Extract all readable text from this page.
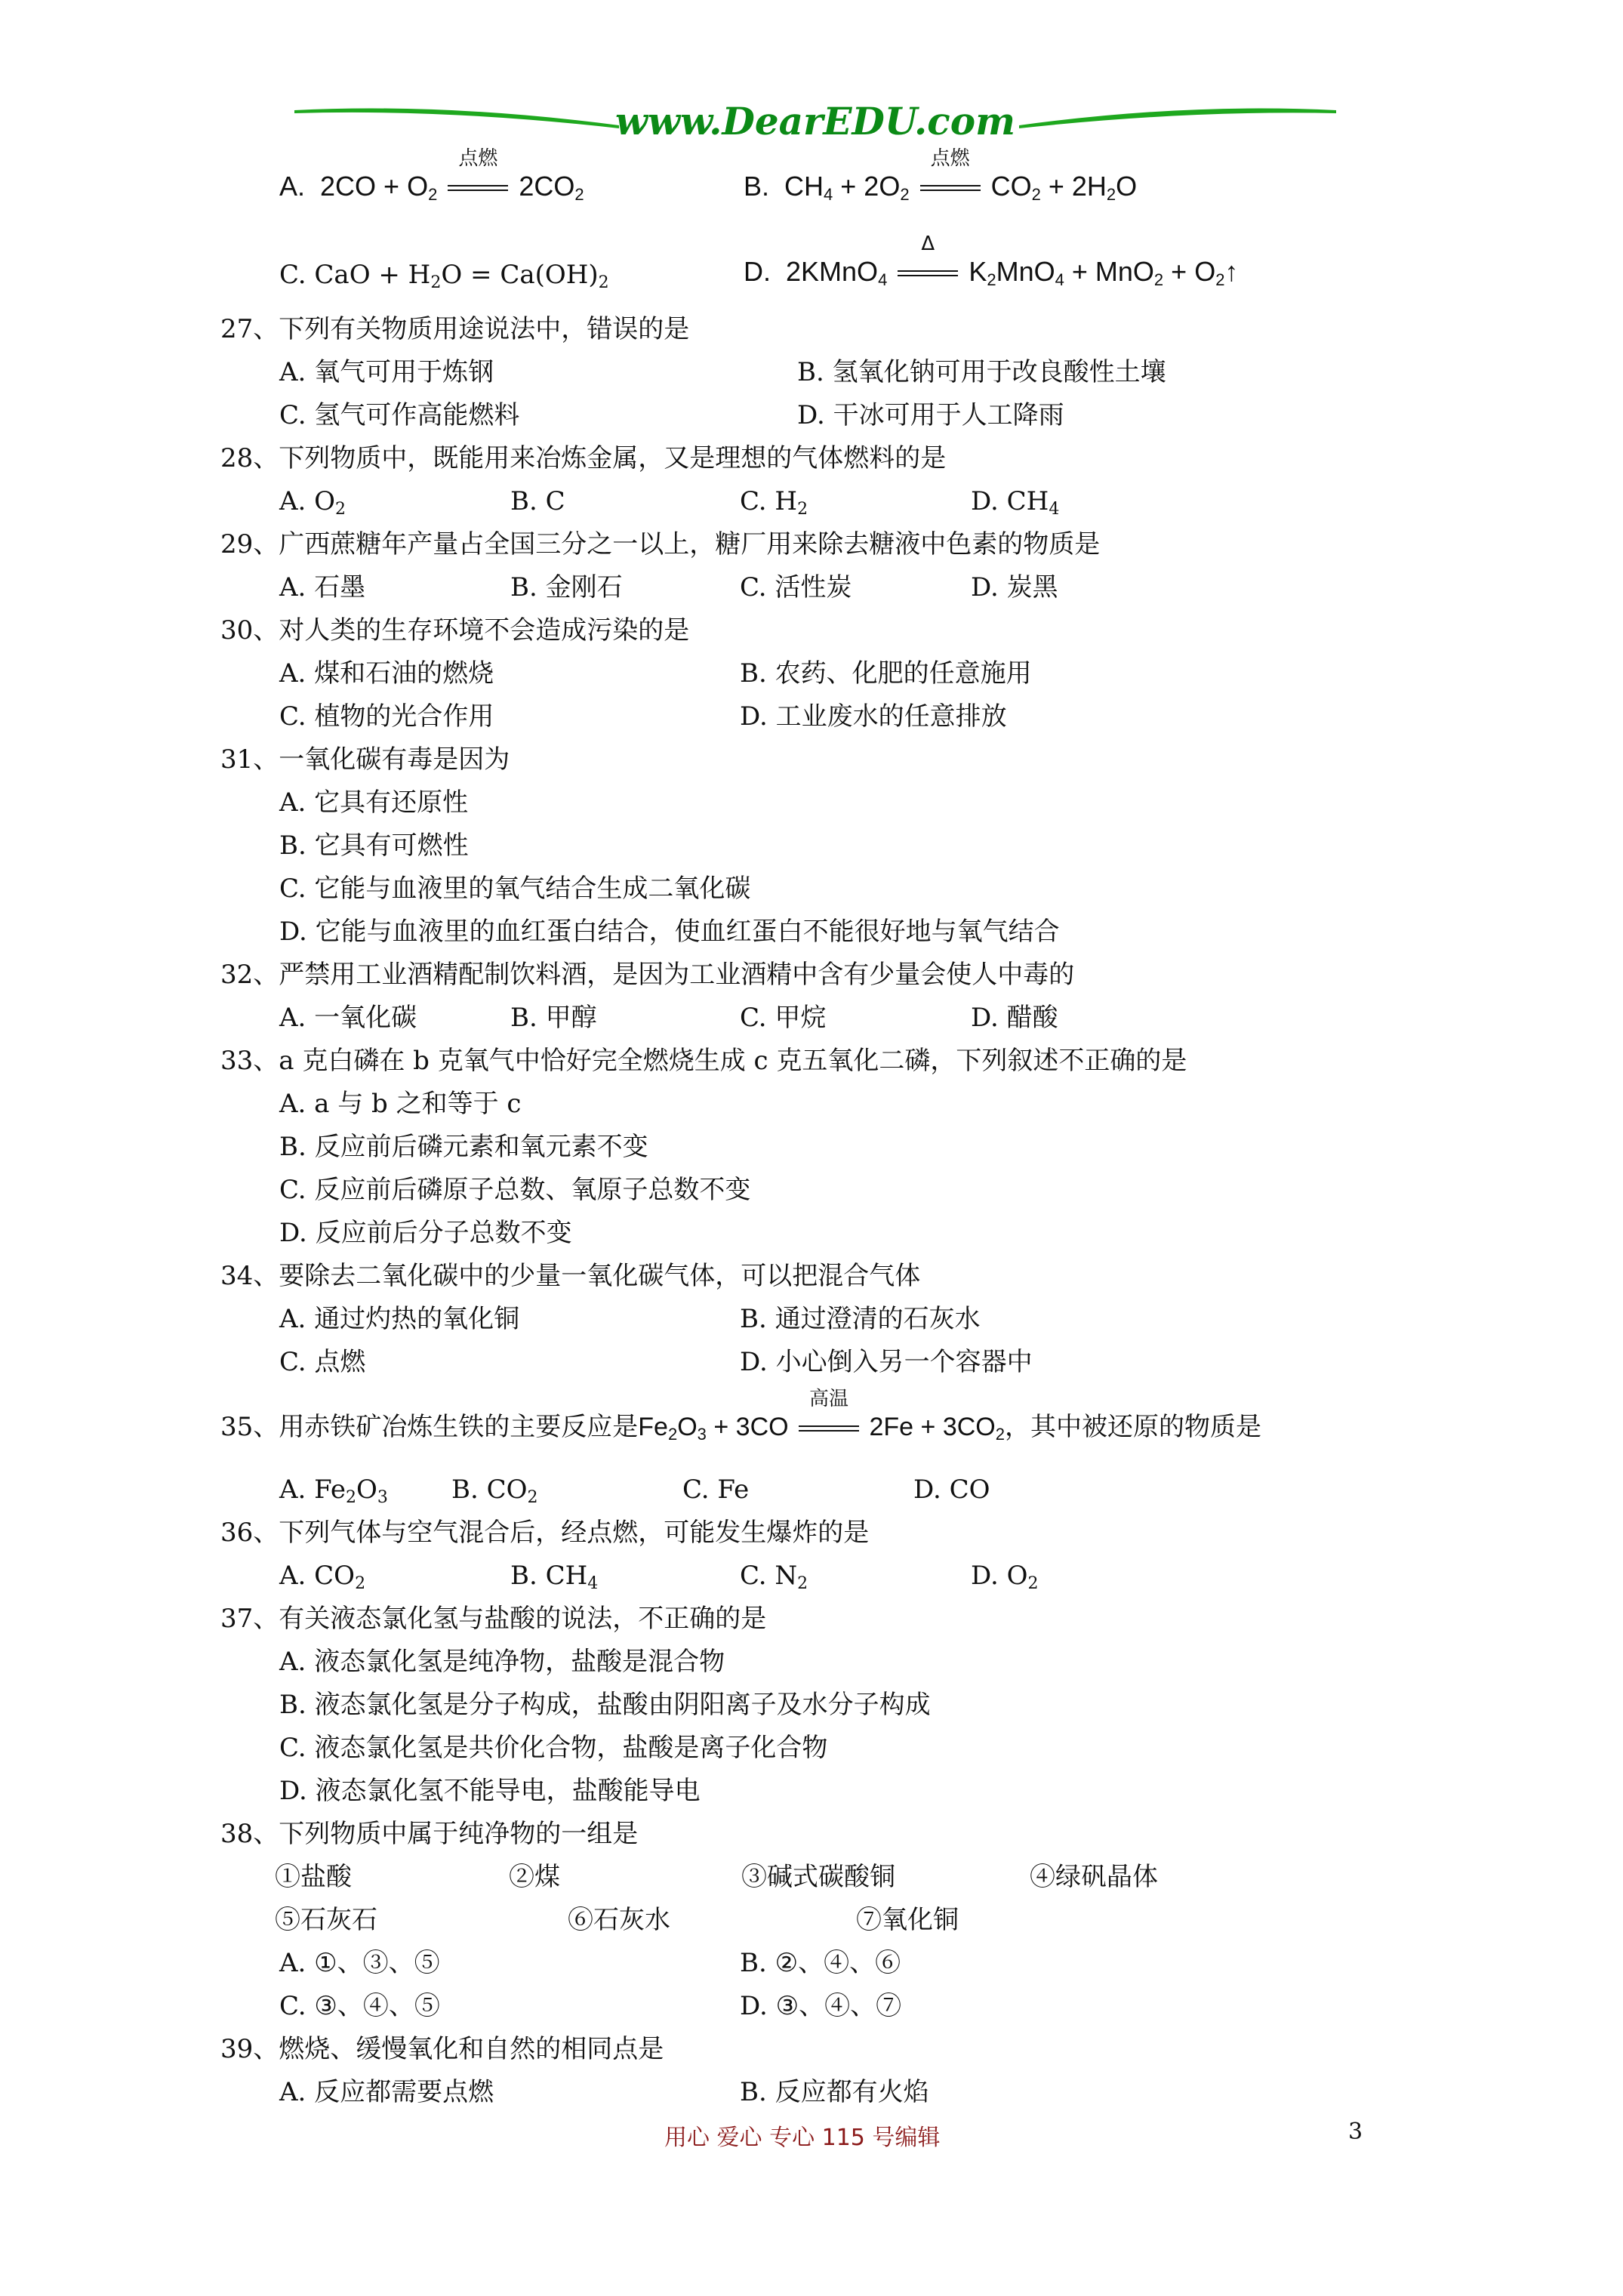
www.DearEDU.com
A. $2CO + O_2$
点燃
$2CO_2$	B. $CH_4 + 2O_2$
点燃
$CO_2 + 2H_2O$
C. CaO + $H_2O = Ca(OH)_2$	D. 2KMnO$_4$
Δ
$K_2MnO_4 + MnO_2$ + $O_2↑$
27、下列有关物质用途说法中，错误的是
A. 氧气可用于炼钢	B. 氢氧化钠可用于改良酸性土壤
C. 氢气可作高能燃料	D. 干冰可用于人工降雨
28、下列物质中，既能用来冶炼金属，又是理想的气体燃料的是
A. $O_2$	B. C	C. $H_2$	D. $CH_4$
29、广西蔗糖年产量占全国三分之一以上，糖厂用来除去糖液中色素的物质是
A. 石墨	B. 金刚石	C. 活性炭	D. 炭黑
30、对人类的生存环境不会造成污染的是
A. 煤和石油的燃烧	B. 农药、化肥的任意施用
C. 植物的光合作用	D. 工业废水的任意排放
31、一氧化碳有毒是因为
A. 它具有还原性
B. 它具有可燃性
C. 它能与血液里的氧气结合生成二氧化碳
D. 它能与血液里的血红蛋白结合，使血红蛋白不能很好地与氧气结合
32、严禁用工业酒精配制饮料酒，是因为工业酒精中含有少量会使人中毒的
A. 一氧化碳	B. 甲醇	C. 甲烷	D. 醋酸
33、a 克白磷在 b 克氧气中恰好完全燃烧生成 c 克五氧化二磷，下列叙述不正确的是
A. a 与 b 之和等于 c
B. 反应前后磷元素和氧元素不变
C. 反应前后磷原子总数、氧原子总数不变
D. 反应前后分子总数不变
34、要除去二氧化碳中的少量一氧化碳气体，可以把混合气体
A. 通过灼热的氧化铜	B. 通过澄清的石灰水
C. 点燃	D. 小心倒入另一个容器中
35、用赤铁矿冶炼生铁的主要反应是$Fe_2O_3 + 3CO$
高温
$2Fe + 3CO_2$，其中被还原的物质是
A. $Fe_2O_3$ B. $CO_2$	C. Fe	D. CO
36、下列气体与空气混合后，经点燃，可能发生爆炸的是
A. $CO_2$	B. $CH_4$	C. $N_2$	D. $O_2$
37、有关液态氯化氢与盐酸的说法，不正确的是
A. 液态氯化氢是纯净物，盐酸是混合物
B. 液态氯化氢是分子构成，盐酸由阴阳离子及水分子构成
C. 液态氯化氢是共价化合物，盐酸是离子化合物
D. 液态氯化氢不能导电，盐酸能导电
38、下列物质中属于纯净物的一组是
①盐酸	②煤	③碱式碳酸铜	④绿矾晶体
⑤石灰石	⑥石灰水	⑦氧化铜
A. ①、③、⑤	B. ②、④、⑥
C. ③、④、⑤	D. ③、④、⑦
39、燃烧、缓慢氧化和自然的相同点是
A. 反应都需要点燃	B. 反应都有火焰
用心 爱心 专心 115 号编辑	3
